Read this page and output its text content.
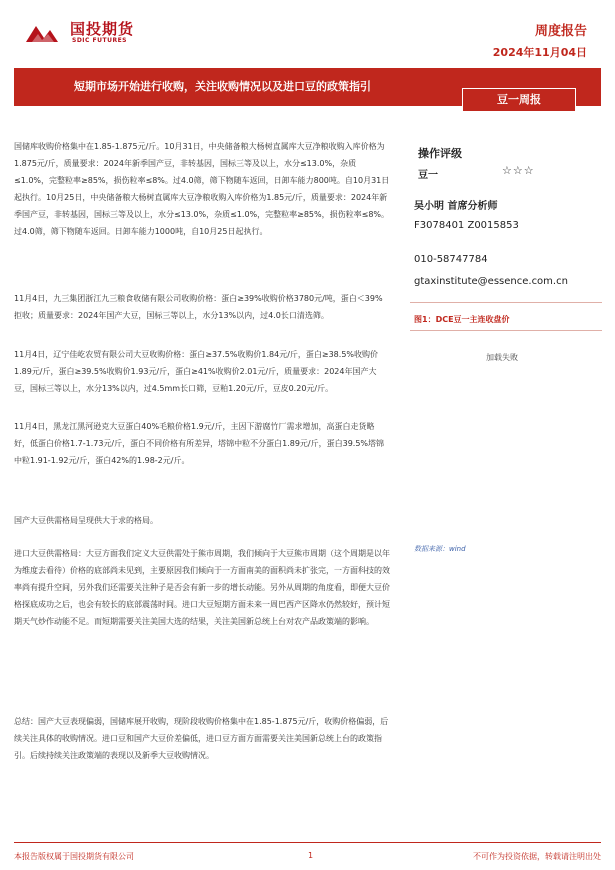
国投期货
SDIC FUTURES
周度报告
2024年11月04日
短期市场开始进行收购，关注收购情况以及进口豆的政策指引
豆一周报

国储库收购价格集中在1.85-1.875元/斤。10月31日，中央储备粮大杨树直属库大豆净粮收购入库价格为1.875元/斤，质量要求：2024年新季国产豆，非转基因，国标三等及以上，水分≤13.0%，杂质≤1.0%，完整粒率≥85%，损伤粒率≤8%。过4.0筛，筛下物随车返回，日卸车能力800吨。自10月31日起执行。10月25日，中央储备粮大杨树直属库大豆净粮收购入库价格为1.85元/斤，质量要求：2024年新季国产豆，非转基因，国标三等及以上，水分≤13.0%，杂质≤1.0%，完整粒率≥85%，损伤粒率≤8%。过4.0筛，筛下物随车返回。日卸车能力1000吨，自10月25日起执行。

11月4日，九三集团浙江九三粮食收储有限公司收购价格：蛋白≥39%收购价格3780元/吨，蛋白＜39%拒收；质量要求：2024年国产大豆，国标三等以上，水分13%以内，过4.0长口清选筛。

11月4日，辽宁佳屹农贸有限公司大豆收购价格：蛋白≥37.5%收购价1.84元/斤，蛋白≥38.5%收购价1.89元/斤，蛋白≥39.5%收购价1.93元/斤，蛋白≥41%收购价2.01元/斤，质量要求：2024年国产大豆，国标三等以上，水分13%以内，过4.5mm长口筛，豆粕1.20元/斤，豆皮0.20元/斤。

11月4日，黑龙江黑河逊克大豆蛋白40%毛粮价格1.9元/斤，主因下游腐竹厂需求增加，高蛋白走货略好，低蛋白价格1.7-1.73元/斤，蛋白不同价格有所差异，塔锦中粒不分蛋白1.89元/斤，蛋白39.5%塔锦中粒1.91-1.92元/斤，蛋白42%的1.98-2元/斤。

国产大豆供需格局呈现供大于求的格局。

进口大豆供需格局：大豆方面我们定义大豆供需处于熊市周期，我们倾向于大豆熊市周期（这个周期是以年为维度去看待）价格的底部尚未见到，主要原因我们倾向于一方面南美的面积尚未扩张完，一方面科技的效率尚有提升空间，另外我们还需要关注种子是否会有新一步的增长动能。另外从周期的角度看，即便大豆价格探底成功之后，也会有较长的底部震荡时间。进口大豆短期方面未来一周巴西产区降水仍然较好，预计短期天气炒作动能不足。而短期需要关注美国大选的结果，关注美国新总统上台对农产品政策端的影响。

总结：国产大豆表现偏弱，国储库展开收购，现阶段收购价格集中在1.85-1.875元/斤，收购价格偏弱，后续关注具体的收购情况。进口豆和国产大豆价差偏低，进口豆方面方面需要关注美国新总统上台的政策指引。后续持续关注政策端的表现以及新季大豆收购情况。

操作评级
豆一	☆☆☆
吴小明 首席分析师
F3078401 Z0015853
010-58747784
gtaxinstitute@essence.com.cn
图1：DCE豆一主连收盘价
加载失败
数据来源：wind
本报告版权属于国投期货有限公司	1	不可作为投资依据，转载请注明出处
